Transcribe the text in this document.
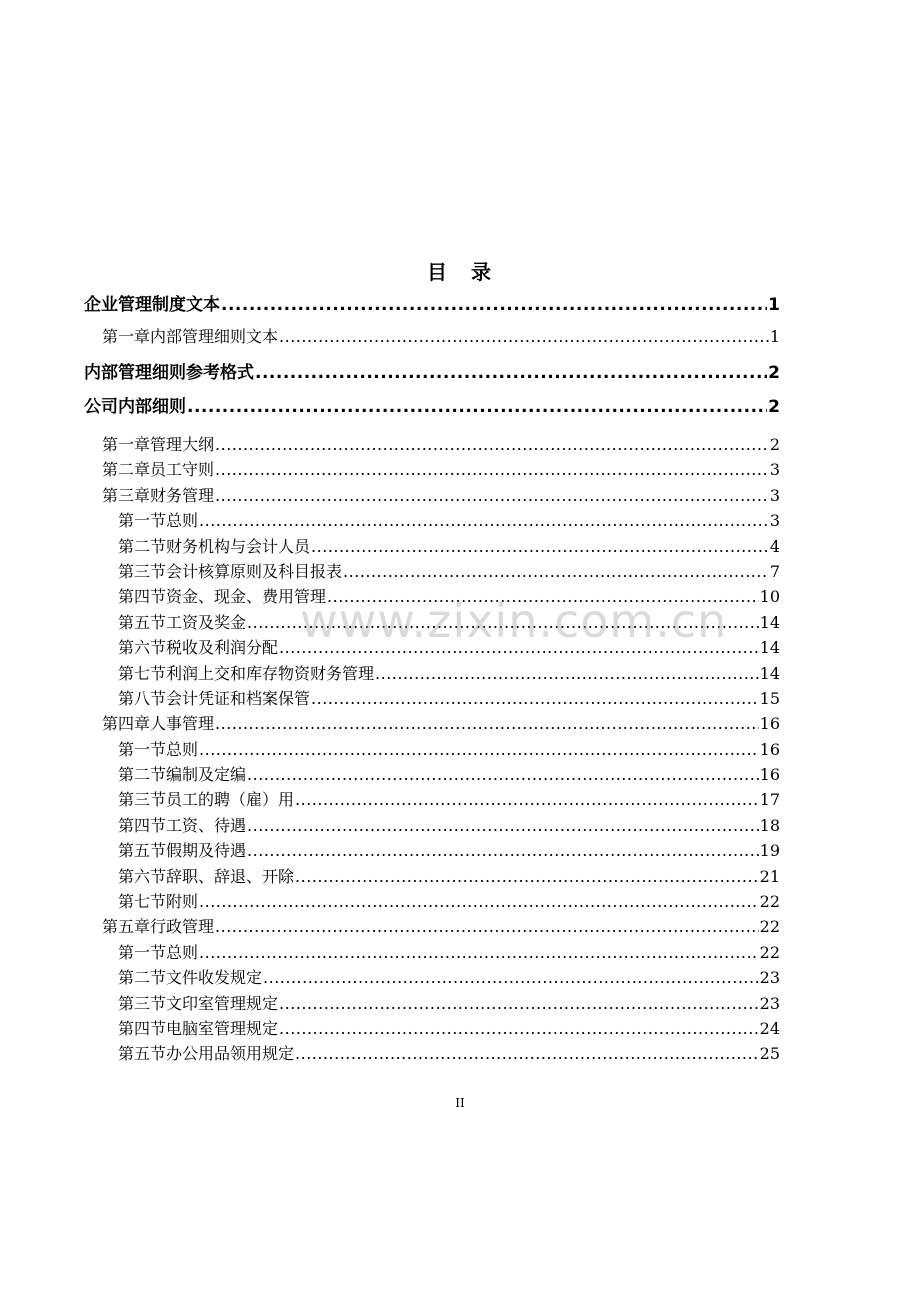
目　录
企业管理制度文本 .....	1
第一章 内部管理细则文本 .....	1
内部管理细则参考格式 .....	2
公司内部细则 .....	2
第一章 管理大纲 .....	2
第二章 员工守则 .....	3
第三章 财务管理 .....	3
第一节 总则 .....	3
第二节 财务机构与会计人员 .....	4
第三节 会计核算原则及科目报表 .....	7
第四节 资金、现金、费用管理 .....	10
第五节 工资及奖金 .....	14
第六节 税收及利润分配 .....	14
第七节 利润上交和库存物资财务管理 .....	14
第八节 会计凭证和档案保管 .....	15
第四章 人事管理 .....	16
第一节 总则 .....	16
第二节 编制及定编 .....	16
第三节 员工的聘（雇）用 .....	17
第四节 工资、待遇 .....	18
第五节 假期及待遇 .....	19
第六节 辞职、辞退、开除 .....	21
第七节 附则 .....	22
第五章 行政管理 .....	22
第一节 总则 .....	22
第二节 文件收发规定 .....	23
第三节 文印室管理规定 .....	23
第四节 电脑室管理规定 .....	24
第五节 办公用品领用规定 .....	25
www.zixin.com.cn
II
